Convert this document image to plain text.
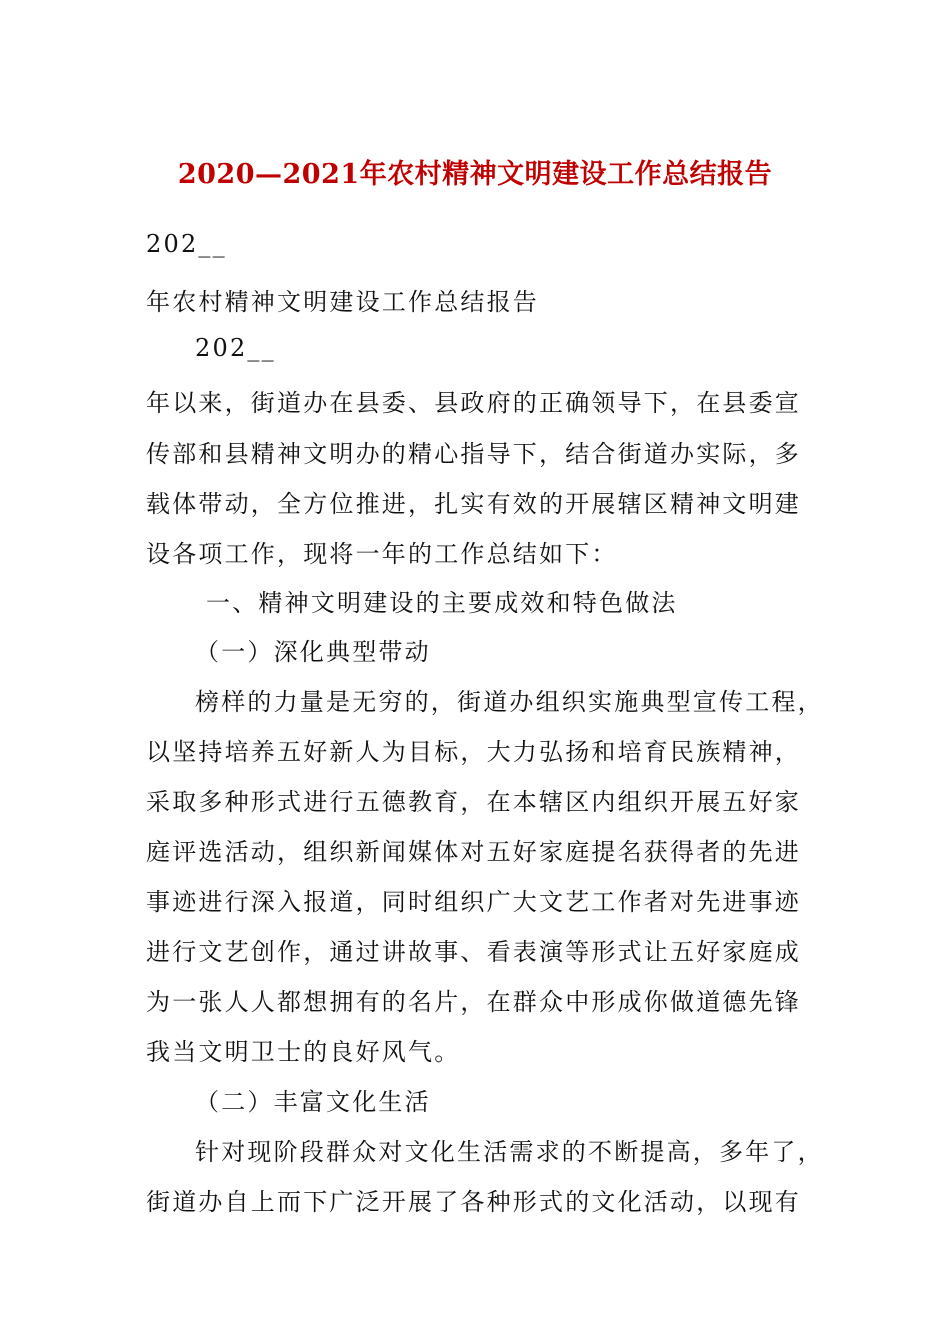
2020—2021年农村精神文明建设工作总结报告
202__
年农村精神文明建设工作总结报告
202__
年以来，街道办在县委、县政府的正确领导下，在县委宣
传部和县精神文明办的精心指导下，结合街道办实际，多
载体带动，全方位推进，扎实有效的开展辖区精神文明建
设各项工作，现将一年的工作总结如下：
一、精神文明建设的主要成效和特色做法
（一）深化典型带动
榜样的力量是无穷的，街道办组织实施典型宣传工程，
以坚持培养五好新人为目标，大力弘扬和培育民族精神，
采取多种形式进行五德教育，在本辖区内组织开展五好家
庭评选活动，组织新闻媒体对五好家庭提名获得者的先进
事迹进行深入报道，同时组织广大文艺工作者对先进事迹
进行文艺创作，通过讲故事、看表演等形式让五好家庭成
为一张人人都想拥有的名片，在群众中形成你做道德先锋
我当文明卫士的良好风气。
（二）丰富文化生活
针对现阶段群众对文化生活需求的不断提高，多年了，
街道办自上而下广泛开展了各种形式的文化活动，以现有
